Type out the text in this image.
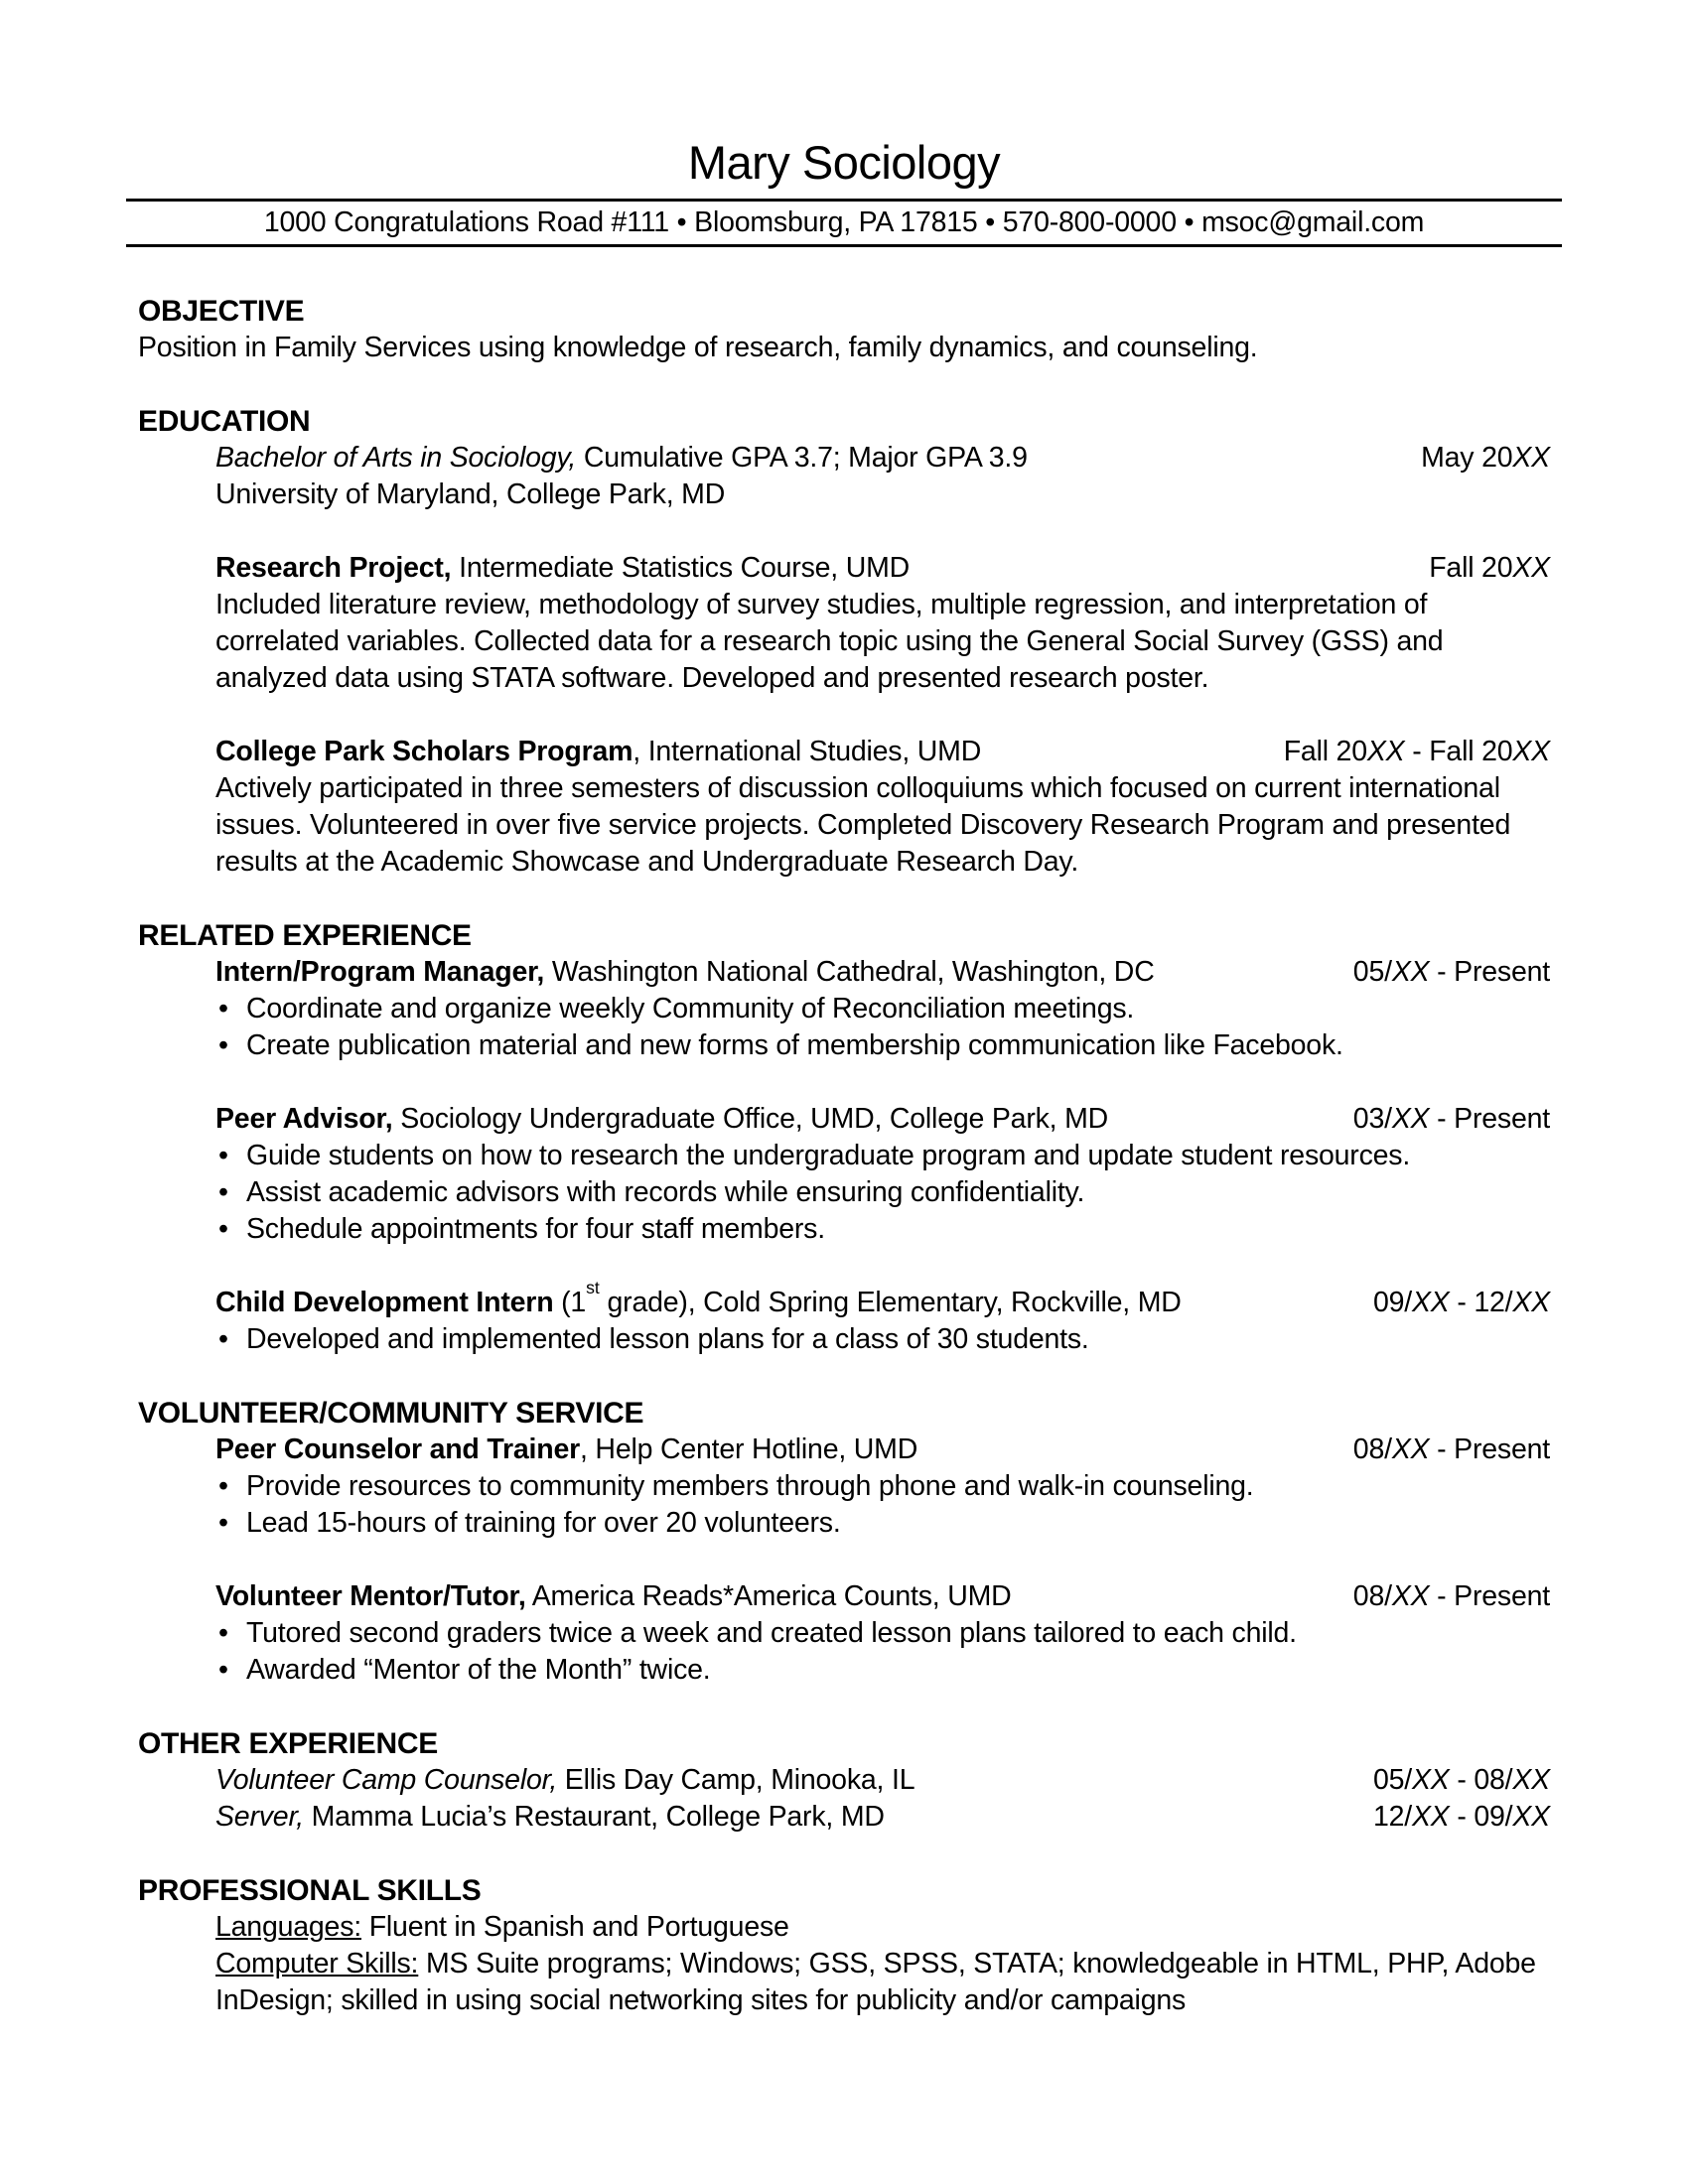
Mary Sociology
1000 Congratulations Road #111 • Bloomsburg, PA 17815 • 570-800-0000 • msoc@gmail.com
OBJECTIVE

Position in Family Services using knowledge of research, family dynamics, and counseling.

EDUCATION
Bachelor of Arts in Sociology, Cumulative GPA 3.7; Major GPA 3.9	May 20XX
University of Maryland, College Park, MD
Research Project, Intermediate Statistics Course, UMD	Fall 20XX

Included literature review, methodology of survey studies, multiple regression, and interpretation of correlated variables. Collected data for a research topic using the General Social Survey (GSS) and analyzed data using STATA software. Developed and presented research poster.

College Park Scholars Program, International Studies, UMD	Fall 20XX - Fall 20XX

Actively participated in three semesters of discussion colloquiums which focused on current international issues. Volunteered in over five service projects. Completed Discovery Research Program and presented results at the Academic Showcase and Undergraduate Research Day.

RELATED EXPERIENCE
Intern/Program Manager, Washington National Cathedral, Washington, DC	05/XX - Present
• Coordinate and organize weekly Community of Reconciliation meetings.
• Create publication material and new forms of membership communication like Facebook.
Peer Advisor, Sociology Undergraduate Office, UMD, College Park, MD	03/XX - Present
• Guide students on how to research the undergraduate program and update student resources.
• Assist academic advisors with records while ensuring confidentiality.
• Schedule appointments for four staff members.
Child Development Intern (1st grade), Cold Spring Elementary, Rockville, MD	09/XX - 12/XX
• Developed and implemented lesson plans for a class of 30 students.
VOLUNTEER/COMMUNITY SERVICE
Peer Counselor and Trainer, Help Center Hotline, UMD	08/XX - Present
• Provide resources to community members through phone and walk-in counseling.
• Lead 15-hours of training for over 20 volunteers.
Volunteer Mentor/Tutor, America Reads*America Counts, UMD	08/XX - Present
• Tutored second graders twice a week and created lesson plans tailored to each child.
• Awarded “Mentor of the Month” twice.
OTHER EXPERIENCE
Volunteer Camp Counselor, Ellis Day Camp, Minooka, IL	05/XX - 08/XX
Server, Mamma Lucia’s Restaurant, College Park, MD	12/XX - 09/XX
PROFESSIONAL SKILLS

Languages: Fluent in Spanish and Portuguese

Computer Skills: MS Suite programs; Windows; GSS, SPSS, STATA; knowledgeable in HTML, PHP, Adobe InDesign; skilled in using social networking sites for publicity and/or campaigns
